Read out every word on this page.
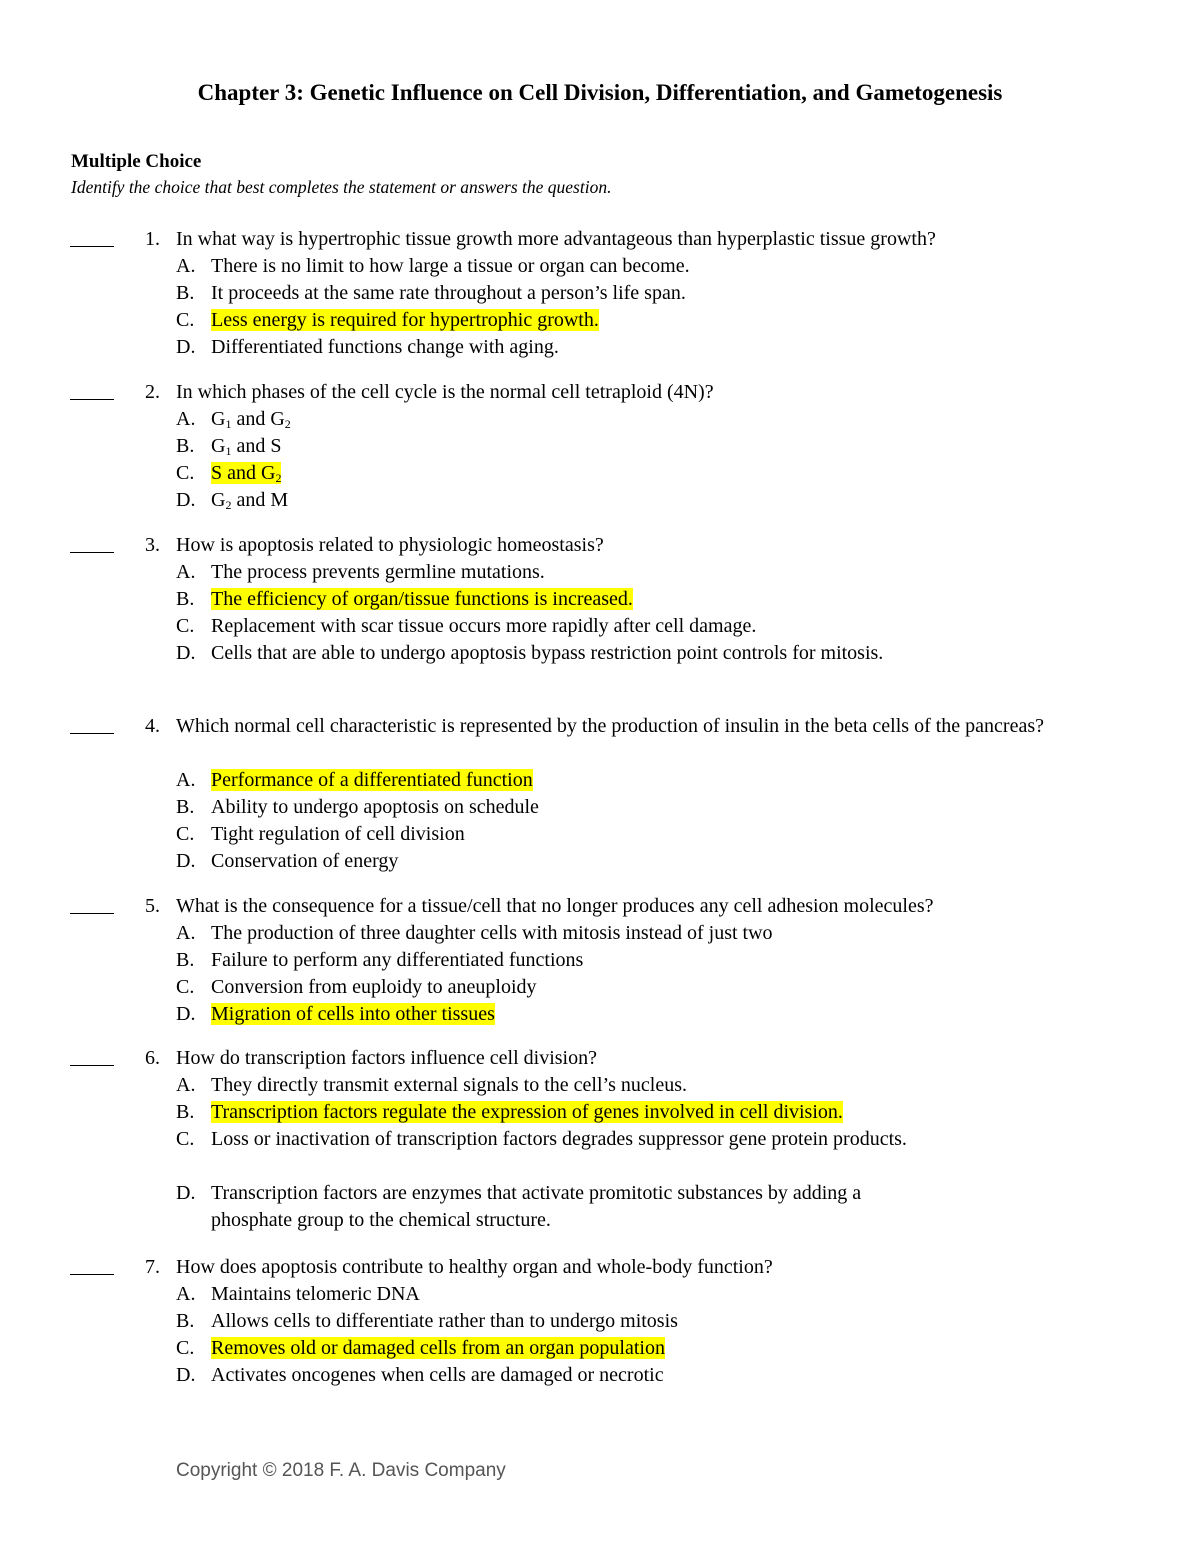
Chapter 3: Genetic Influence on Cell Division, Differentiation, and Gametogenesis
Multiple Choice
Identify the choice that best completes the statement or answers the question.
1. In what way is hypertrophic tissue growth more advantageous than hyperplastic tissue growth?

A. There is no limit to how large a tissue or organ can become.
B. It proceeds at the same rate throughout a person’s life span.
C. Less energy is required for hypertrophic growth.
D. Differentiated functions change with aging.
2. In which phases of the cell cycle is the normal cell tetraploid (4N)?

A. $G_1$ and $G_2$
B. $G_1$ and S
C. S and $G_2$
D. $G_2$ and M
3. How is apoptosis related to physiologic homeostasis?

A. The process prevents germline mutations.
B. The efficiency of organ/tissue functions is increased.
C. Replacement with scar tissue occurs more rapidly after cell damage.
D. Cells that are able to undergo apoptosis bypass restriction point controls for mitosis.
4. Which normal cell characteristic is represented by the production of insulin in the beta cells of the pancreas?

A. Performance of a differentiated function
B. Ability to undergo apoptosis on schedule
C. Tight regulation of cell division
D. Conservation of energy
5. What is the consequence for a tissue/cell that no longer produces any cell adhesion molecules?

A. The production of three daughter cells with mitosis instead of just two
B. Failure to perform any differentiated functions
C. Conversion from euploidy to aneuploidy
D. Migration of cells into other tissues
6. How do transcription factors influence cell division?

A. They directly transmit external signals to the cell’s nucleus.
B. Transcription factors regulate the expression of genes involved in cell division.
C. Loss or inactivation of transcription factors degrades suppressor gene protein products.
D. Transcription factors are enzymes that activate promitotic substances by adding a phosphate group to the chemical structure.
7. How does apoptosis contribute to healthy organ and whole-body function?

A. Maintains telomeric DNA
B. Allows cells to differentiate rather than to undergo mitosis
C. Removes old or damaged cells from an organ population
D. Activates oncogenes when cells are damaged or necrotic
Copyright © 2018 F. A. Davis Company
